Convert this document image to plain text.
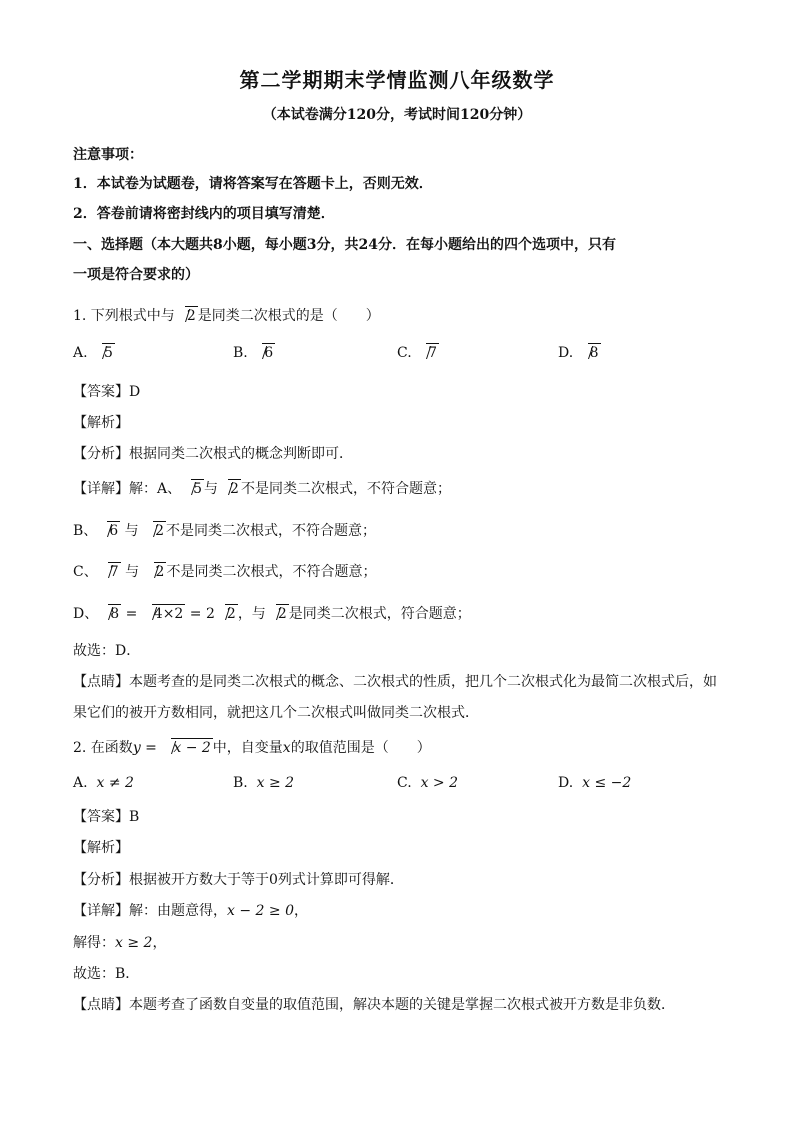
第二学期期末学情监测八年级数学
（本试卷满分120分，考试时间120分钟）
注意事项：
1．本试卷为试题卷，请将答案写在答题卡上，否则无效．
2．答卷前请将密封线内的项目填写清楚．
一、选择题（本大题共8小题，每小题3分，共24分．在每小题给出的四个选项中，只有
一项是符合要求的）
1. 下列根式中与 2 是同类二次根式的是（　　）
A. 5	B. 6	C. 7	D. 8
【答案】D
【解析】
【分析】根据同类二次根式的概念判断即可．
【详解】解：A、 5 与 2 不是同类二次根式，不符合题意；
B、 6 与 2 不是同类二次根式，不符合题意；
C、 7 与 2 不是同类二次根式，不符合题意；
D、 8 = 4×2 = 2 2 ，与 2 是同类二次根式，符合题意；
故选：D．
【点睛】本题考查的是同类二次根式的概念、二次根式的性质，把几个二次根式化为最简二次根式后，如
果它们的被开方数相同，就把这几个二次根式叫做同类二次根式．
2. 在函数y = x − 2 中，自变量x的取值范围是（　　）
A. x ≠ 2	B. x ≥ 2	C. x > 2	D. x ≤ −2
【答案】B
【解析】
【分析】根据被开方数大于等于0列式计算即可得解．
【详解】解：由题意得，x − 2 ≥ 0，
解得：x ≥ 2，
故选：B．
【点睛】本题考查了函数自变量的取值范围，解决本题的关键是掌握二次根式被开方数是非负数．
